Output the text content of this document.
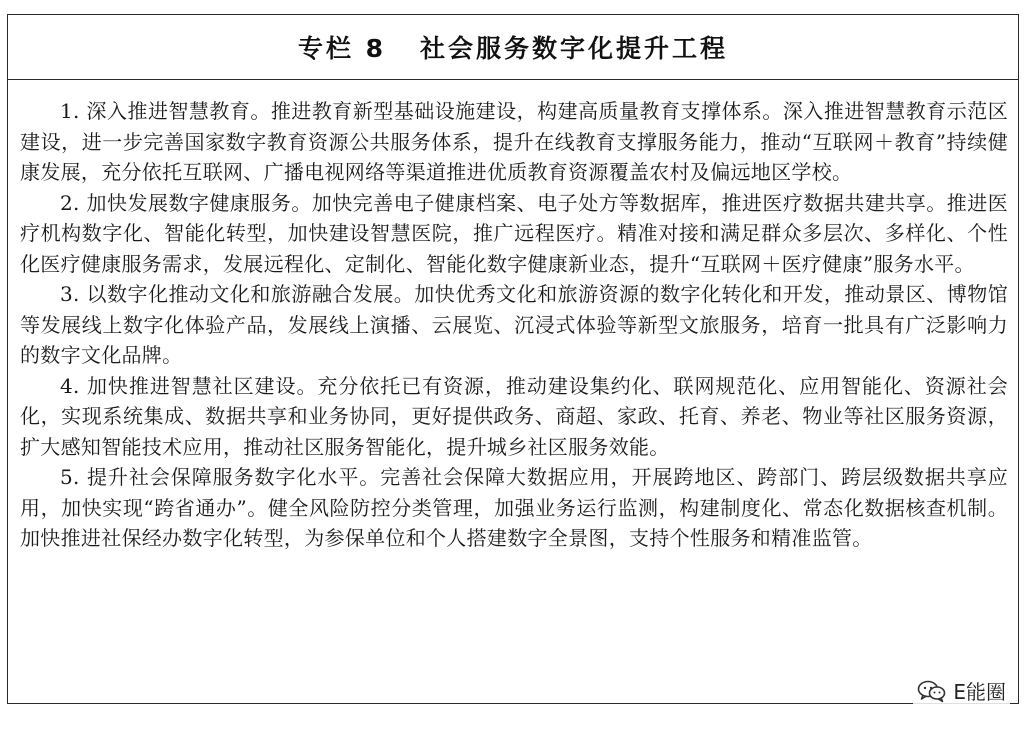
专栏 8 社会服务数字化提升工程

1. 深入推进智慧教育。推进教育新型基础设施建设，构建高质量教育支撑体系。深入推进智慧教育示范区建设，进一步完善国家数字教育资源公共服务体系，提升在线教育支撑服务能力，推动“互联网＋教育”持续健康发展，充分依托互联网、广播电视网络等渠道推进优质教育资源覆盖农村及偏远地区学校。

2. 加快发展数字健康服务。加快完善电子健康档案、电子处方等数据库，推进医疗数据共建共享。推进医疗机构数字化、智能化转型，加快建设智慧医院，推广远程医疗。精准对接和满足群众多层次、多样化、个性化医疗健康服务需求，发展远程化、定制化、智能化数字健康新业态，提升“互联网＋医疗健康”服务水平。

3. 以数字化推动文化和旅游融合发展。加快优秀文化和旅游资源的数字化转化和开发，推动景区、博物馆等发展线上数字化体验产品，发展线上演播、云展览、沉浸式体验等新型文旅服务，培育一批具有广泛影响力的数字文化品牌。

4. 加快推进智慧社区建设。充分依托已有资源，推动建设集约化、联网规范化、应用智能化、资源社会化，实现系统集成、数据共享和业务协同，更好提供政务、商超、家政、托育、养老、物业等社区服务资源，扩大感知智能技术应用，推动社区服务智能化，提升城乡社区服务效能。

5. 提升社会保障服务数字化水平。完善社会保障大数据应用，开展跨地区、跨部门、跨层级数据共享应用，加快实现“跨省通办”。健全风险防控分类管理，加强业务运行监测，构建制度化、常态化数据核查机制。加快推进社保经办数字化转型，为参保单位和个人搭建数字全景图，支持个性服务和精准监管。

E能圈
